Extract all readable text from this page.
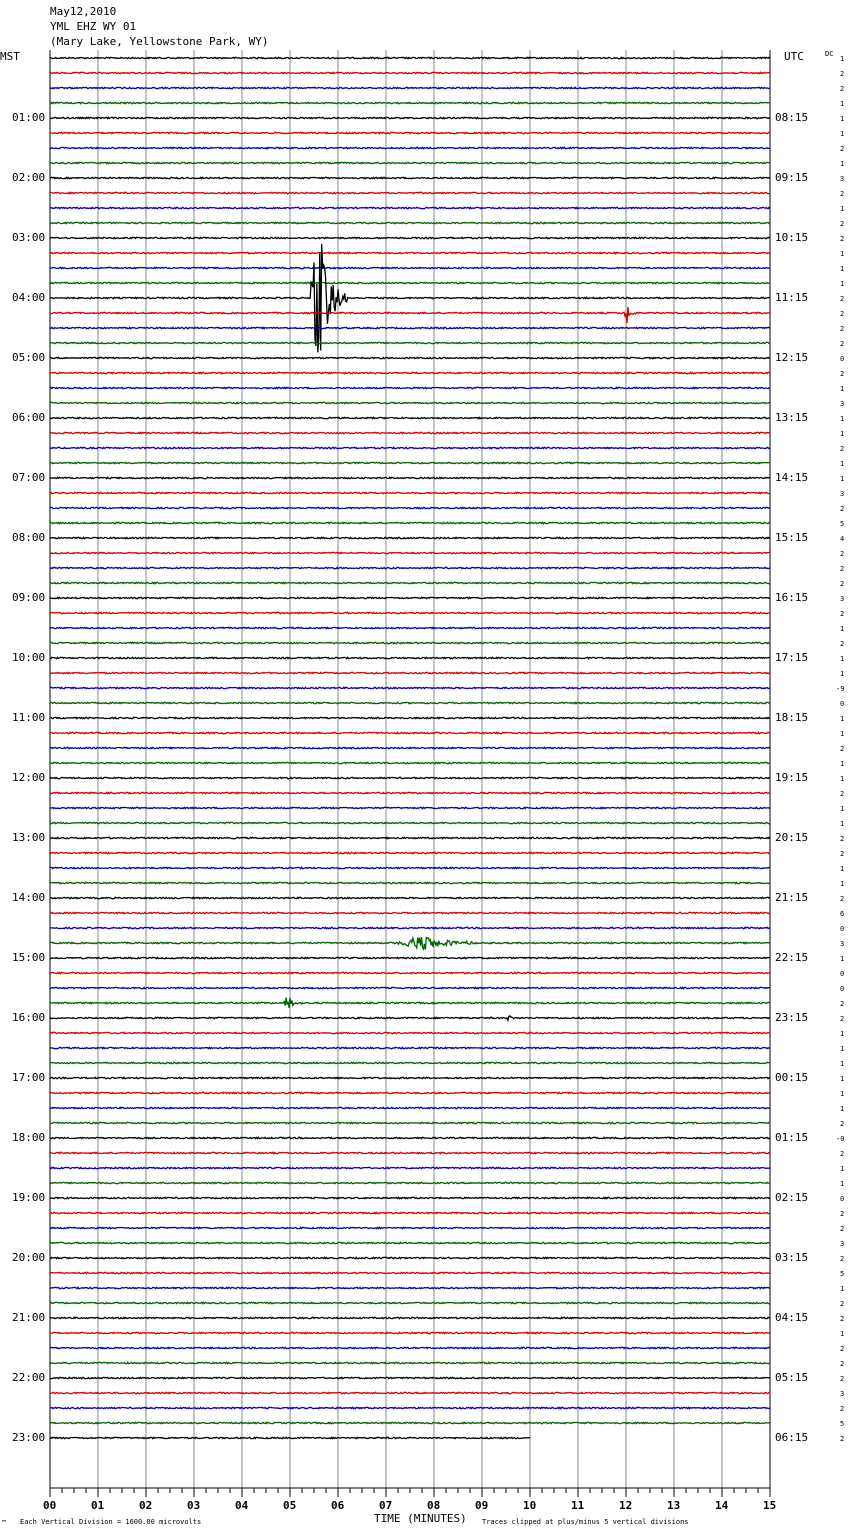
May12,2010
YML EHZ WY 01
(Mary Lake, Yellowstone Park, WY)
MST	UTC	DC
00	01	02	03	04	05	06	07	08	09	10	11	12	13	14	15
01:00
02:00
03:00
04:00
05:00
06:00
07:00
08:00
09:00
10:00
11:00
12:00
13:00
14:00
15:00
16:00
17:00
18:00
19:00
20:00
21:00
22:00
23:00
08:15
09:15
10:15
11:15
12:15
13:15
14:15
15:15
16:15
17:15
18:15
19:15
20:15
21:15
22:15
23:15
00:15
01:15
02:15
03:15
04:15
05:15
06:15
1
2
2
1
1
1
2
1
3
2
1
2
2
1
1
1
2
2
2
2
0
2
1
3
1
1
2
1
1
3
2
5
4
2
2
2
3
2
1
2
1
1
-9
0
1
1
2
1
1
2
1
1
2
2
1
1
2
6
0
3
1
0
0
2
2
1
1
1
1
1
1
2
-0
2
1
1
0
2
2
3
2
5
1
2
2
1
2
2
2
3
2
5
2
Each Vertical Division = 1600.00 microvolts	TIME (MINUTES) Traces clipped at plus/minus 5 vertical divisions
™
